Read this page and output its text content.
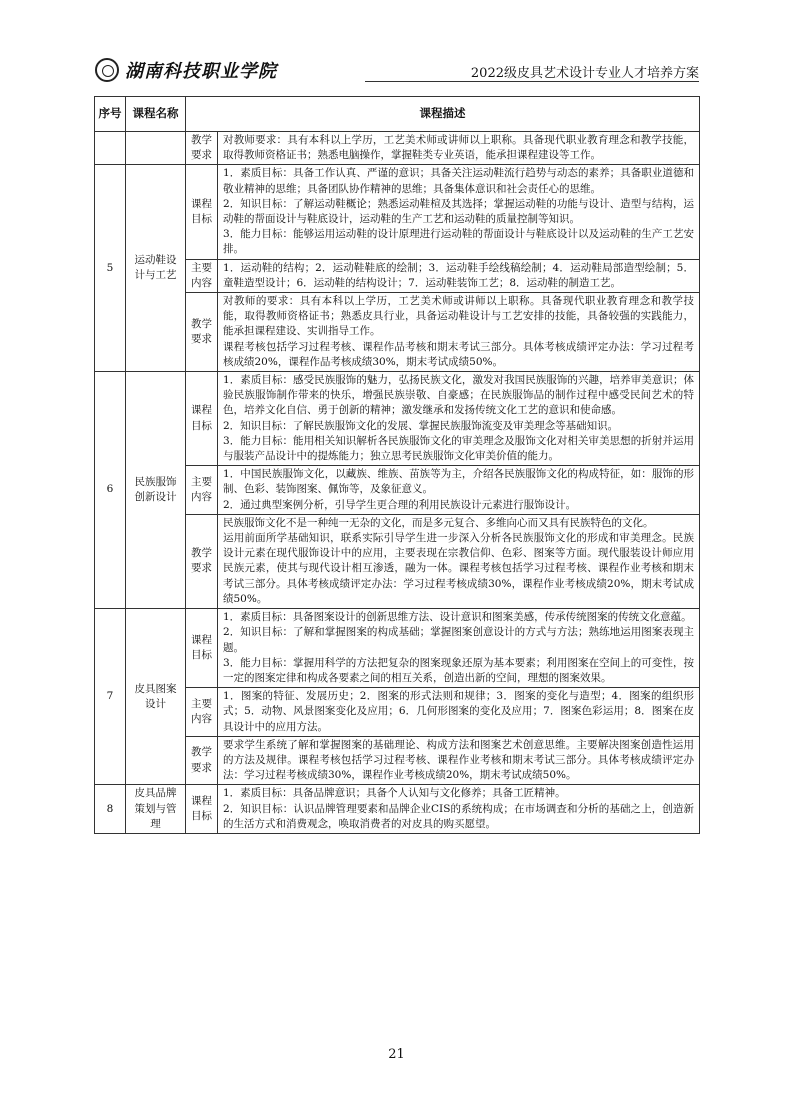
湖南科技职业学院	2022级皮具艺术设计专业人才培养方案
序号	课程名称	课程描述	
		教学要求	对教师要求：具有本科以上学历，工艺美术师或讲师以上职称。具备现代职业教育理念和教学技能，取得教师资格证书；熟悉电脑操作，掌握鞋类专业英语，能承担课程建设等工作。

5	运动鞋设计与工艺	课程目标	1．素质目标：具备工作认真、严谨的意识；具备关注运动鞋流行趋势与动态的素养；具备职业道德和敬业精神的思维；具备团队协作精神的思维；具备集体意识和社会责任心的思维。
2．知识目标：了解运动鞋概论；熟悉运动鞋楦及其选择；掌握运动鞋的功能与设计、造型与结构，运动鞋的帮面设计与鞋底设计，运动鞋的生产工艺和运动鞋的质量控制等知识。
3．能力目标：能够运用运动鞋的设计原理进行运动鞋的帮面设计与鞋底设计以及运动鞋的生产工艺安排。

		主要内容	1．运动鞋的结构；2．运动鞋鞋底的绘制；3．运动鞋手绘线稿绘制；4．运动鞋局部造型绘制；5．童鞋造型设计；6．运动鞋的结构设计；7．运动鞋装饰工艺；8．运动鞋的制造工艺。

		教学要求	对教师的要求：具有本科以上学历，工艺美术师或讲师以上职称。具备现代职业教育理念和教学技能，取得教师资格证书；熟悉皮具行业，具备运动鞋设计与工艺安排的技能，具备较强的实践能力，能承担课程建设、实训指导工作。
课程考核包括学习过程考核、课程作品考核和期末考试三部分。具体考核成绩评定办法：学习过程考核成绩20%，课程作品考核成绩30%，期末考试成绩50%。

6	民族服饰创新设计	课程目标	1．素质目标：感受民族服饰的魅力，弘扬民族文化，激发对我国民族服饰的兴趣，培养审美意识；体验民族服饰制作带来的快乐，增强民族崇敬、自豪感；在民族服饰品的制作过程中感受民间艺术的特色，培养文化自信、勇于创新的精神；激发继承和发扬传统文化工艺的意识和使命感。
2．知识目标：了解民族服饰文化的发展、掌握民族服饰流变及审美理念等基础知识。
3．能力目标：能用相关知识解析各民族服饰文化的审美理念及服饰文化对相关审美思想的折射并运用与服装产品设计中的提炼能力；独立思考民族服饰文化审美价值的能力。

		主要内容	1．中国民族服饰文化，以藏族、维族、苗族等为主，介绍各民族服饰文化的构成特征，如：服饰的形制、色彩、装饰图案、佩饰等，及象征意义。
2．通过典型案例分析，引导学生更合理的利用民族设计元素进行服饰设计。

		教学要求	民族服饰文化不是一种纯一无杂的文化，而是多元复合、多维向心而又具有民族特色的文化。
运用前面所学基础知识，联系实际引导学生进一步深入分析各民族服饰文化的形成和审美理念。民族设计元素在现代服饰设计中的应用，主要表现在宗教信仰、色彩、图案等方面。现代服装设计师应用民族元素，使其与现代设计相互渗透，融为一体。课程考核包括学习过程考核、课程作业考核和期末考试三部分。具体考核成绩评定办法：学习过程考核成绩30%，课程作业考核成绩20%，期末考试成绩50%。

7	皮具图案设计	课程目标	1．素质目标：具备图案设计的创新思维方法、设计意识和图案美感，传承传统图案的传统文化意蕴。
2．知识目标：了解和掌握图案的构成基础；掌握图案创意设计的方式与方法；熟练地运用图案表现主题。
3．能力目标：掌握用科学的方法把复杂的图案现象还原为基本要素；利用图案在空间上的可变性，按一定的图案定律和构成各要素之间的相互关系，创造出新的空间，理想的图案效果。

		主要内容	1．图案的特征、发展历史；2．图案的形式法则和规律；3．图案的变化与造型；4．图案的组织形式；5．动物、风景图案变化及应用；6．几何形图案的变化及应用；7．图案色彩运用；8．图案在皮具设计中的应用方法。

		教学要求	要求学生系统了解和掌握图案的基础理论、构成方法和图案艺术创意思维。主要解决图案创造性运用的方法及规律。课程考核包括学习过程考核、课程作业考核和期末考试三部分。具体考核成绩评定办法：学习过程考核成绩30%，课程作业考核成绩20%，期末考试成绩50%。

8	皮具品牌策划与管理	课程目标	1．素质目标：具备品牌意识；具备个人认知与文化修养；具备工匠精神。
2．知识目标：认识品牌管理要素和品牌企业CIS的系统构成；在市场调查和分析的基础之上，创造新的生活方式和消费观念，唤取消费者的对皮具的购买愿望。
21
